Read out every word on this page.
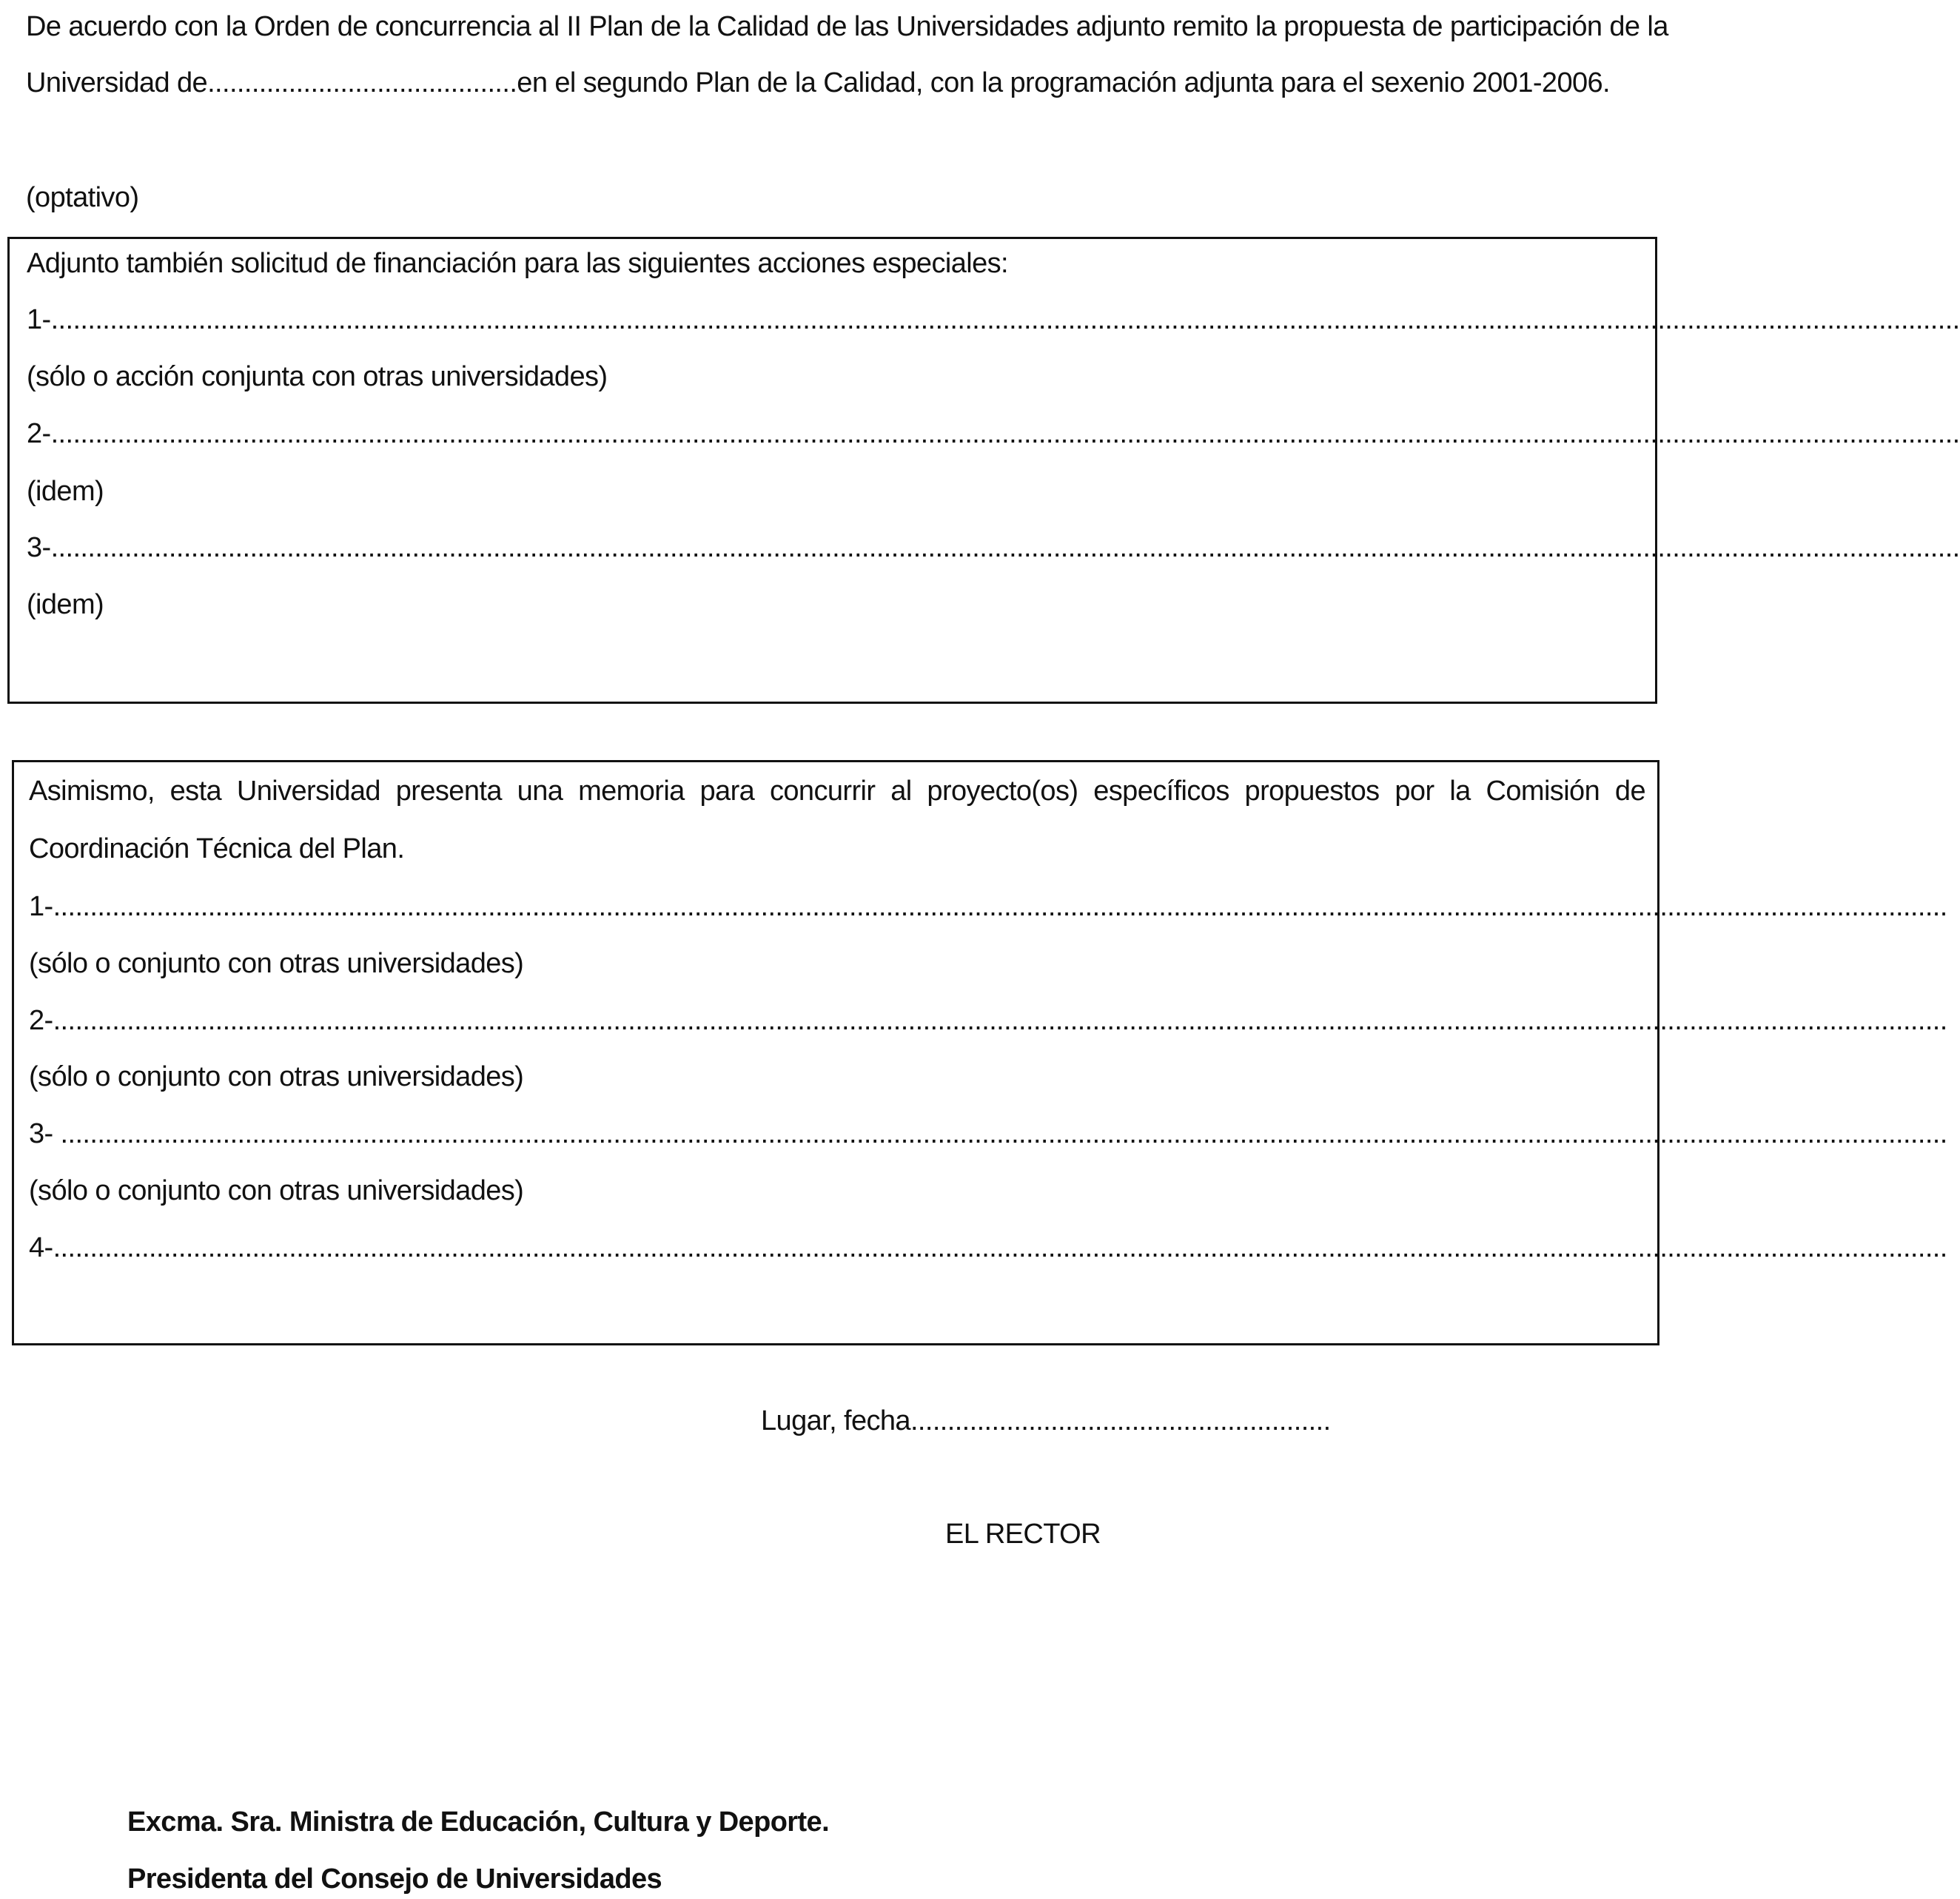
De acuerdo con la Orden de concurrencia al II Plan de la Calidad de las Universidades adjunto remito la propuesta de participación de la
Universidad de..........................................en el segundo Plan de la Calidad, con la programación adjunta para el sexenio 2001-2006.
(optativo)
Adjunto también solicitud de financiación para las siguientes acciones especiales:
1-...................................................................................................................................................................................................................................................................
(sólo o acción conjunta con otras universidades)
2-...................................................................................................................................................................................................................................................................
(idem)
3-...................................................................................................................................................................................................................................................................
(idem)
Asimismo, esta Universidad presenta una memoria para concurrir al proyecto(os) específicos propuestos por la Comisión de
Coordinación Técnica del Plan.
1-.................................................................................................................................................................................................................................................................
(sólo o conjunto con otras universidades)
2-.................................................................................................................................................................................................................................................................
(sólo o conjunto con otras universidades)
3- ................................................................................................................................................................................................................................................................
(sólo o conjunto con otras universidades)
4-.................................................................................................................................................................................................................................................................
Lugar, fecha.........................................................
EL RECTOR
Excma. Sra. Ministra de Educación, Cultura y Deporte.
Presidenta del Consejo de Universidades
